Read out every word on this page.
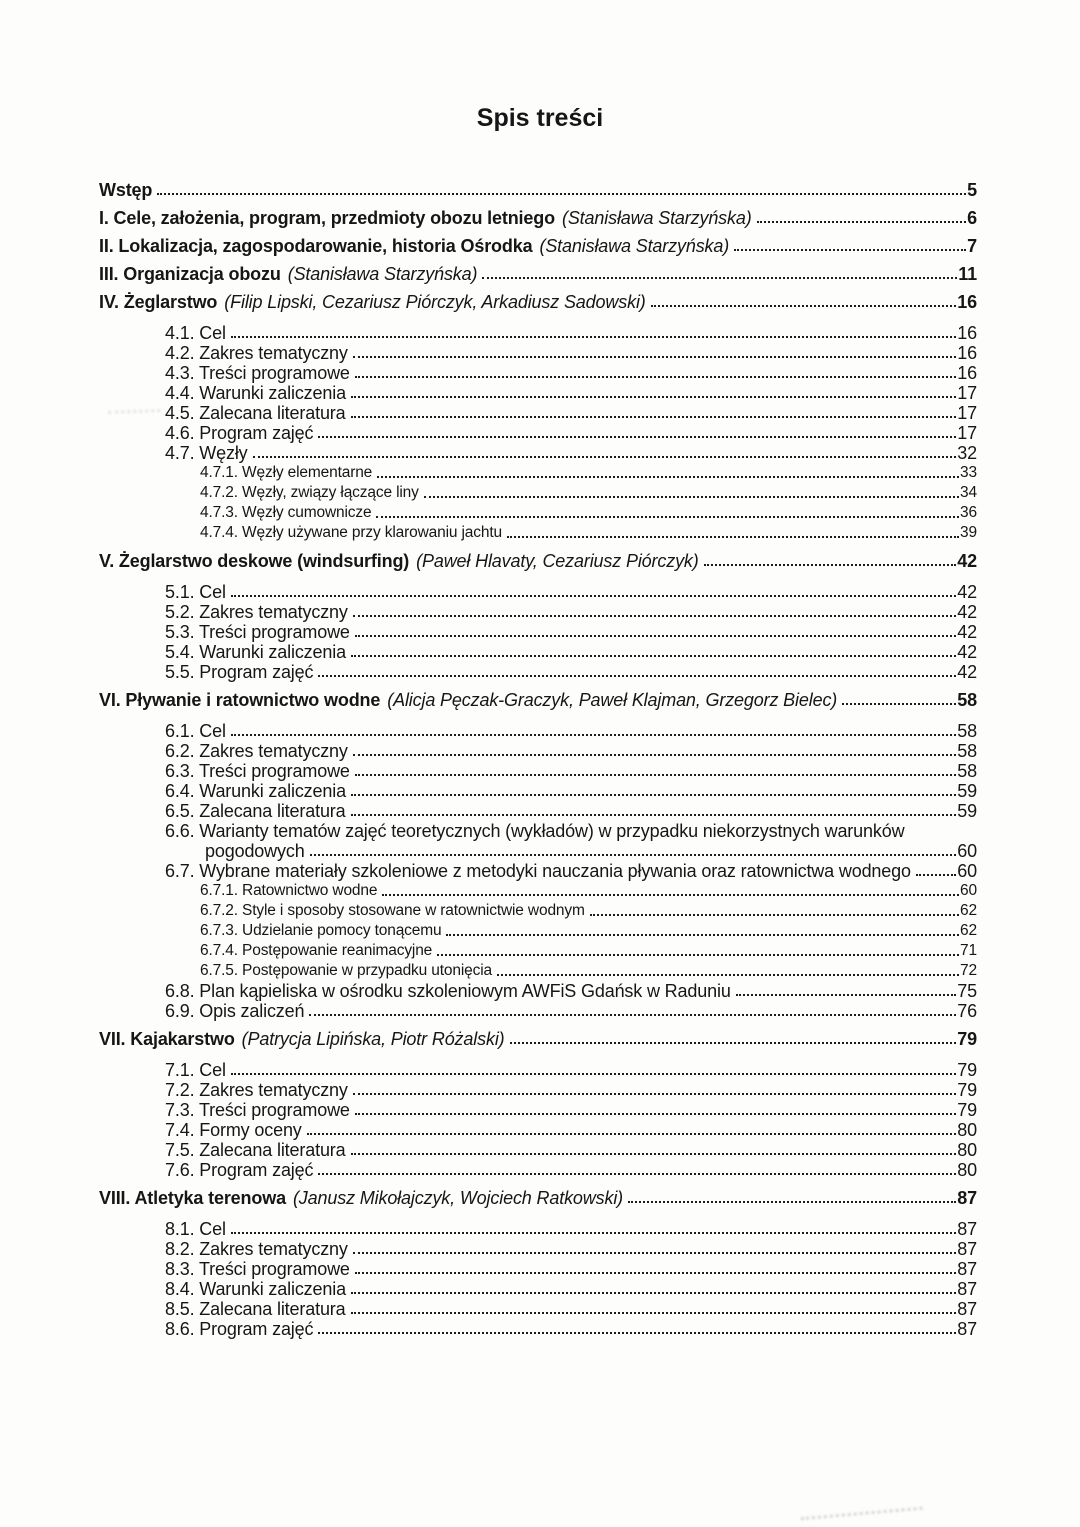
Spis treści
Wstęp	5
I. Cele, założenia, program, przedmioty obozu letniego (Stanisława Starzyńska)	6
II. Lokalizacja, zagospodarowanie, historia Ośrodka (Stanisława Starzyńska)	7
III. Organizacja obozu (Stanisława Starzyńska)	11
IV. Żeglarstwo (Filip Lipski, Cezariusz Piórczyk, Arkadiusz Sadowski)	16
4.1. Cel	16
4.2. Zakres tematyczny	16
4.3. Treści programowe	16
4.4. Warunki zaliczenia	17
4.5. Zalecana literatura	17
4.6. Program zajęć	17
4.7. Węzły	32
4.7.1. Węzły elementarne	33
4.7.2. Węzły, związy łączące liny	34
4.7.3. Węzły cumownicze	36
4.7.4. Węzły używane przy klarowaniu jachtu	39
V. Żeglarstwo deskowe (windsurfing) (Paweł Hlavaty, Cezariusz Piórczyk)	42
5.1. Cel	42
5.2. Zakres tematyczny	42
5.3. Treści programowe	42
5.4. Warunki zaliczenia	42
5.5. Program zajęć	42
VI. Pływanie i ratownictwo wodne (Alicja Pęczak-Graczyk, Paweł Klajman, Grzegorz Bielec)	58
6.1. Cel	58
6.2. Zakres tematyczny	58
6.3. Treści programowe	58
6.4. Warunki zaliczenia	59
6.5. Zalecana literatura	59
6.6. Warianty tematów zajęć teoretycznych (wykładów) w przypadku niekorzystnych warunków
pogodowych	60
6.7. Wybrane materiały szkoleniowe z metodyki nauczania pływania oraz ratownictwa wodnego	60
6.7.1. Ratownictwo wodne	60
6.7.2. Style i sposoby stosowane w ratownictwie wodnym	62
6.7.3. Udzielanie pomocy tonącemu	62
6.7.4. Postępowanie reanimacyjne	71
6.7.5. Postępowanie w przypadku utonięcia	72
6.8. Plan kąpieliska w ośrodku szkoleniowym AWFiS Gdańsk w Raduniu	75
6.9. Opis zaliczeń	76
VII. Kajakarstwo (Patrycja Lipińska, Piotr Różalski)	79
7.1. Cel	79
7.2. Zakres tematyczny	79
7.3. Treści programowe	79
7.4. Formy oceny	80
7.5. Zalecana literatura	80
7.6. Program zajęć	80
VIII. Atletyka terenowa (Janusz Mikołajczyk, Wojciech Ratkowski)	87
8.1. Cel	87
8.2. Zakres tematyczny	87
8.3. Treści programowe	87
8.4. Warunki zaliczenia	87
8.5. Zalecana literatura	87
8.6. Program zajęć	87
